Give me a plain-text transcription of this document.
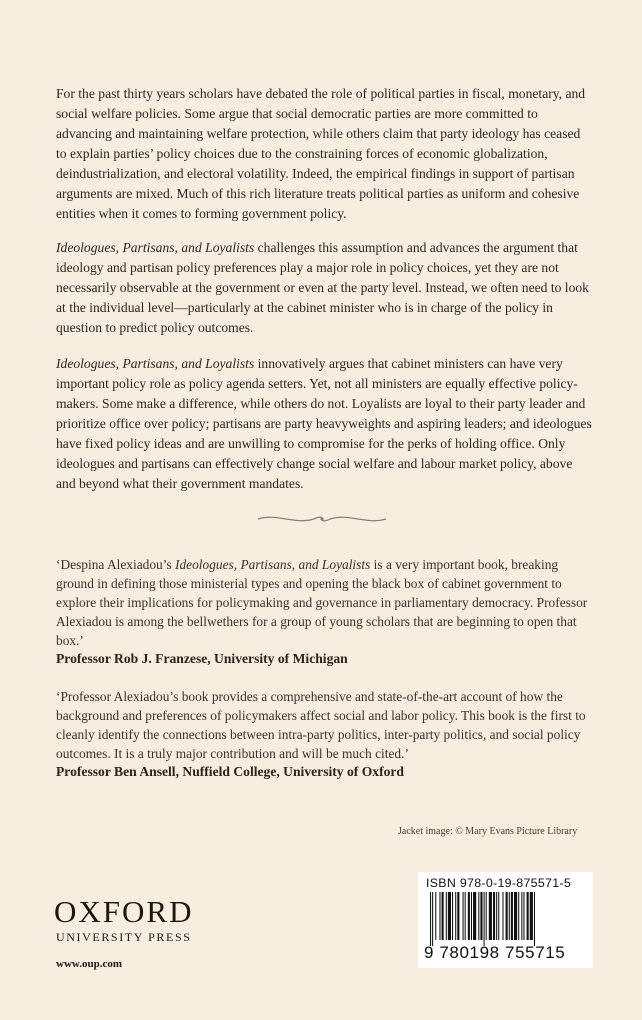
For the past thirty years scholars have debated the role of political parties in fiscal, monetary, and social welfare policies. Some argue that social democratic parties are more committed to advancing and maintaining welfare protection, while others claim that party ideology has ceased to explain parties’ policy choices due to the constraining forces of economic globalization, deindustrialization, and electoral volatility. Indeed, the empirical findings in support of partisan arguments are mixed. Much of this rich literature treats political parties as uniform and cohesive entities when it comes to forming government policy.

Ideologues, Partisans, and Loyalists challenges this assumption and advances the argument that ideology and partisan policy preferences play a major role in policy choices, yet they are not necessarily observable at the government or even at the party level. Instead, we often need to look at the individual level—particularly at the cabinet minister who is in charge of the policy in question to predict policy outcomes.

Ideologues, Partisans, and Loyalists innovatively argues that cabinet ministers can have very important policy role as policy agenda setters. Yet, not all ministers are equally effective policy-makers. Some make a difference, while others do not. Loyalists are loyal to their party leader and prioritize office over policy; partisans are party heavyweights and aspiring leaders; and ideologues have fixed policy ideas and are unwilling to compromise for the perks of holding office. Only ideologues and partisans can effectively change social welfare and labour market policy, above and beyond what their government mandates.

‘Despina Alexiadou’s Ideologues, Partisans, and Loyalists is a very important book, breaking ground in defining those ministerial types and opening the black box of cabinet government to explore their implications for policymaking and governance in parliamentary democracy. Professor Alexiadou is among the bellwethers for a group of young scholars that are beginning to open that box.’

Professor Rob J. Franzese, University of Michigan

‘Professor Alexiadou’s book provides a comprehensive and state-of-the-art account of how the background and preferences of policymakers affect social and labor policy. This book is the first to cleanly identify the connections between intra-party politics, inter-party politics, and social policy outcomes. It is a truly major contribution and will be much cited.’

Professor Ben Ansell, Nuffield College, University of Oxford
Jacket image: © Mary Evans Picture Library
OXFORD
UNIVERSITY PRESS
www.oup.com
ISBN 978-0-19-875571-5
9 780198 755715
